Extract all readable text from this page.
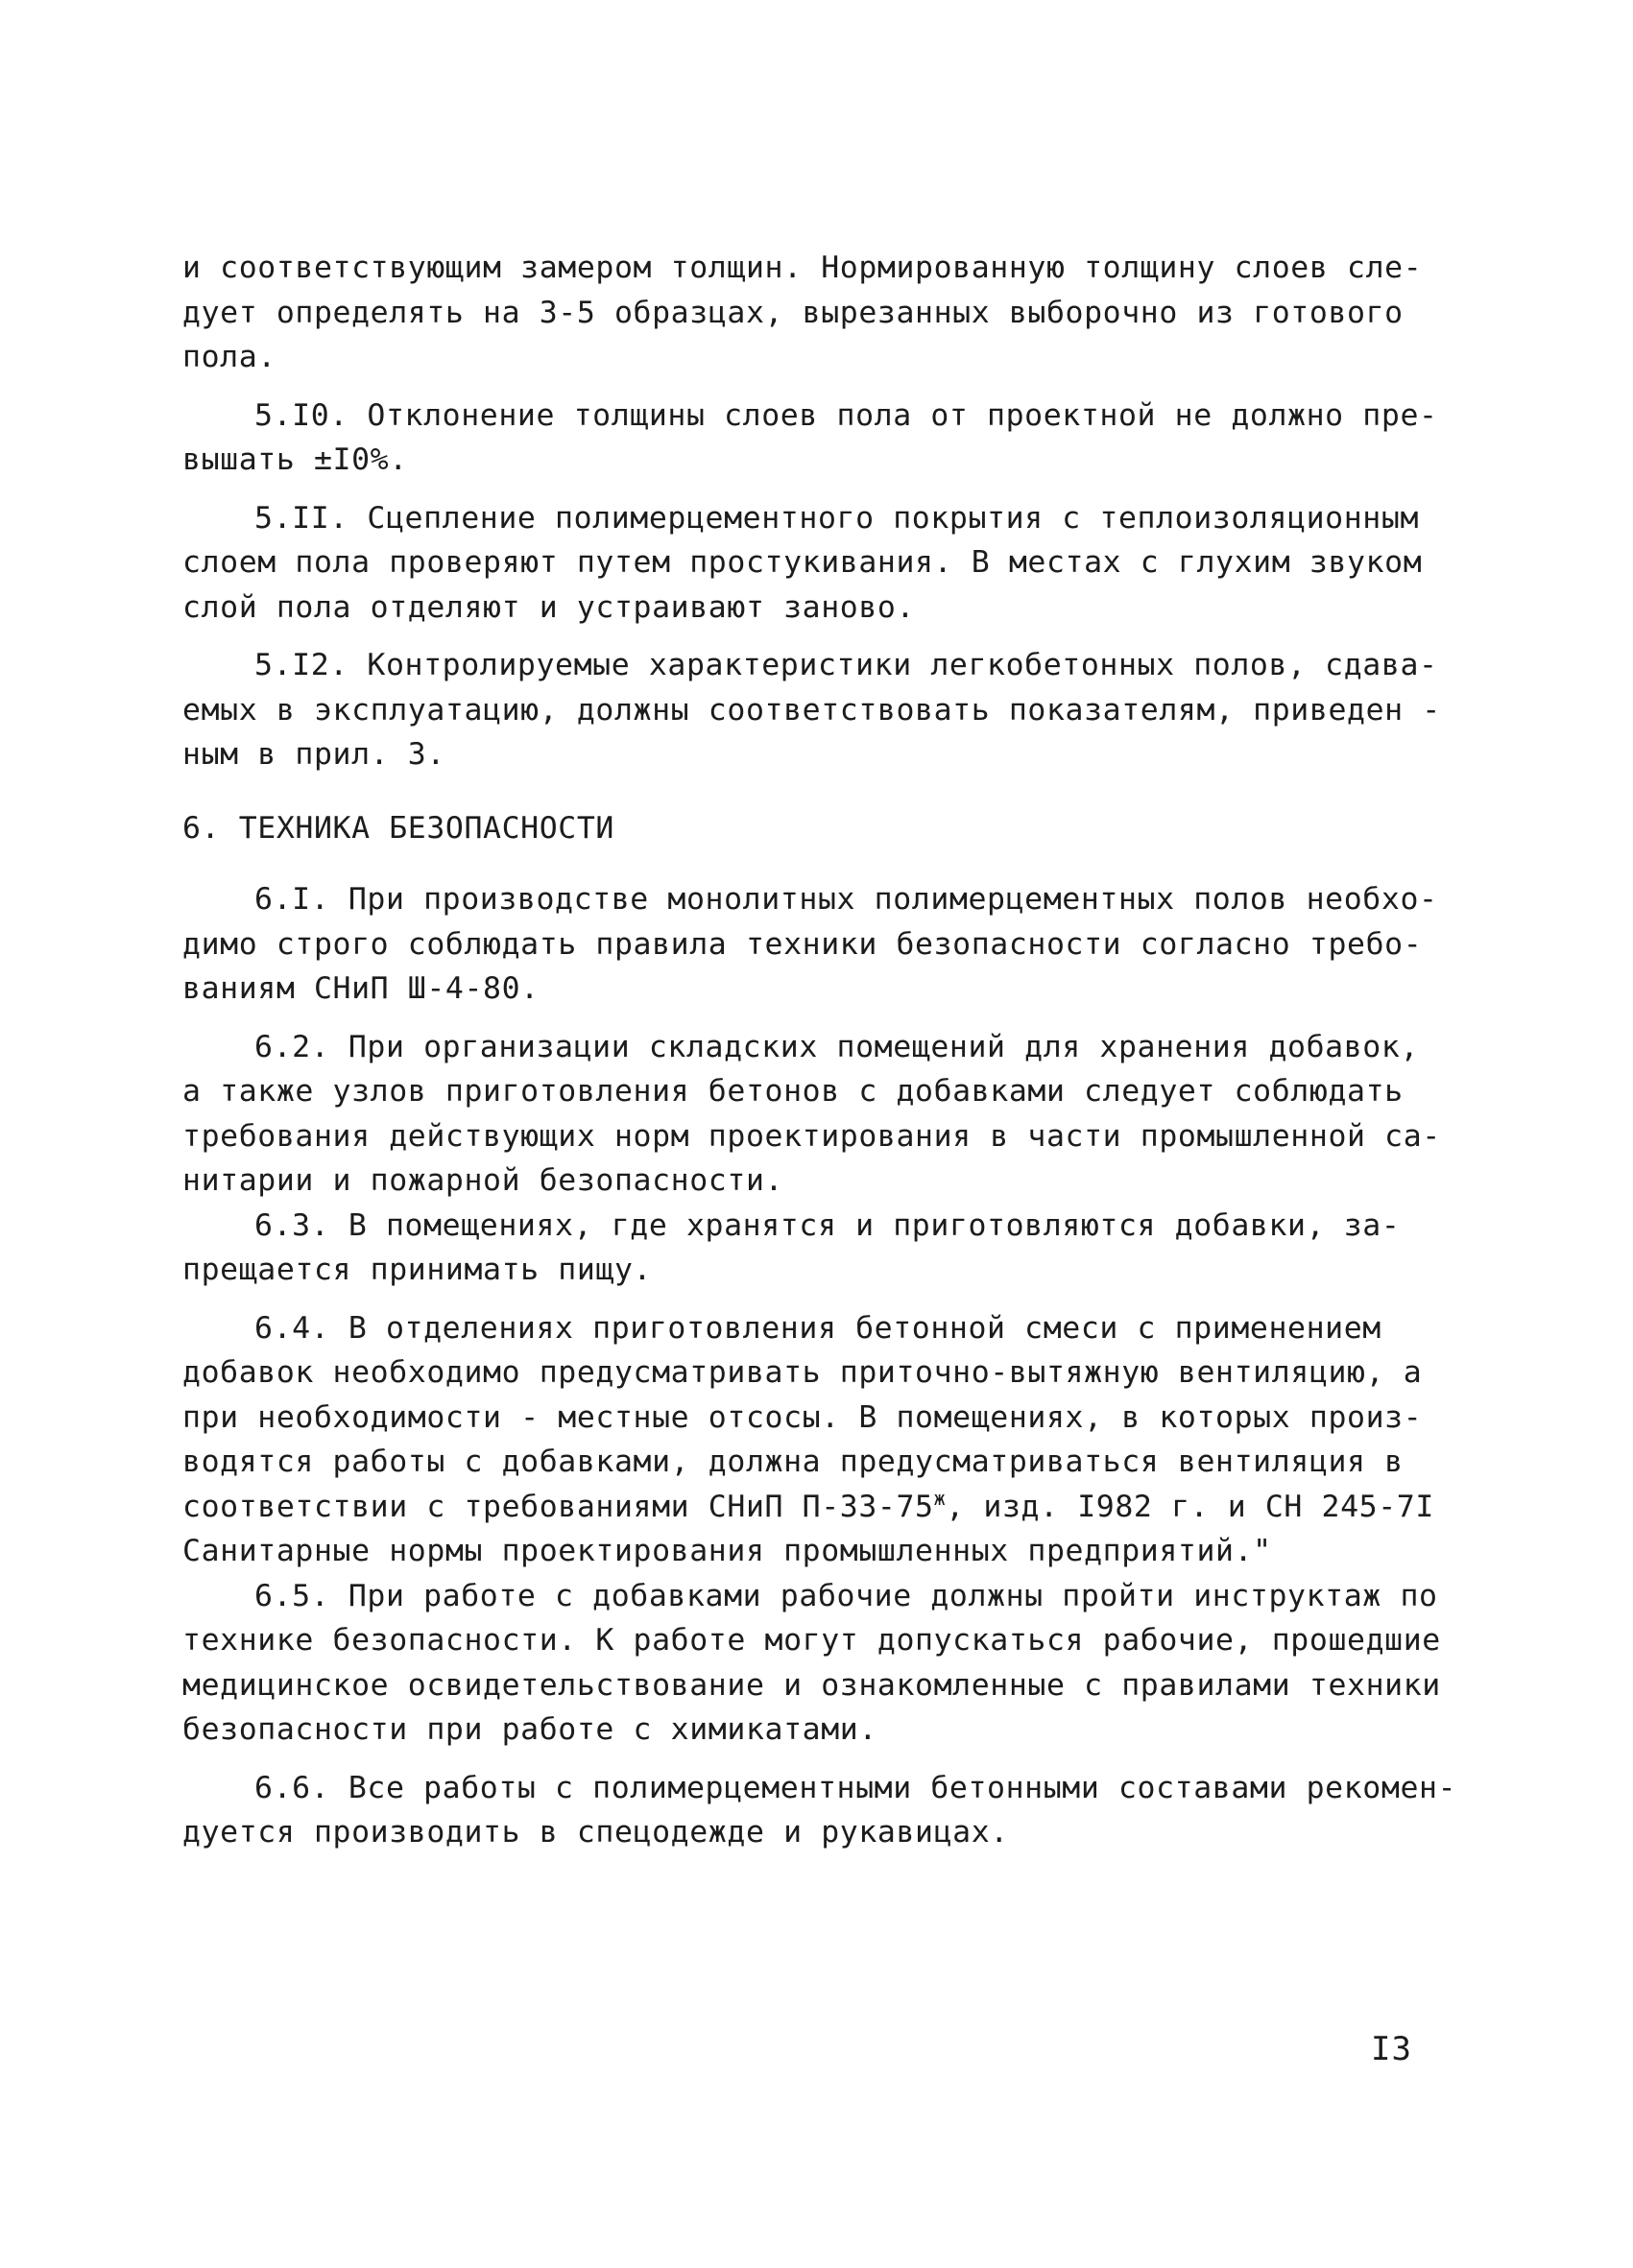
и соответствующим замером толщин. Нормированную толщину слоев сле-
дует определять на 3-5 образцах, вырезанных выборочно из готового
пола.
5.I0. Отклонение толщины слоев пола от проектной не должно пре-
вышать ±I0%.
5.II. Сцепление полимерцементного покрытия с теплоизоляционным
слоем пола проверяют путем простукивания. В местах с глухим звуком
слой пола отделяют и устраивают заново.
5.I2. Контролируемые характеристики легкобетонных полов, сдава-
емых в эксплуатацию, должны соответствовать показателям, приведен -
ным в прил. 3.
6. ТЕХНИКА БЕЗОПАСНОСТИ
6.I. При производстве монолитных полимерцементных полов необхо-
димо строго соблюдать правила техники безопасности согласно требо-
ваниям СНиП Ш-4-80.
6.2. При организации складских помещений для хранения добавок,
а также узлов приготовления бетонов с добавками следует соблюдать
требования действующих норм проектирования в части промышленной са-
нитарии и пожарной безопасности.
6.3. В помещениях, где хранятся и приготовляются добавки, за-
прещается принимать пищу.
6.4. В отделениях приготовления бетонной смеси с применением
добавок необходимо предусматривать приточно-вытяжную вентиляцию, а
при необходимости - местные отсосы. В помещениях, в которых произ-
водятся работы с добавками, должна предусматриваться вентиляция в
соответствии с требованиями СНиП $П-33-75^ж$, изд. I982 г. и СН 245-7I
Санитарные нормы проектирования промышленных предприятий."
6.5. При работе с добавками рабочие должны пройти инструктаж по
технике безопасности. К работе могут допускаться рабочие, прошедшие
медицинское освидетельствование и ознакомленные с правилами техники
безопасности при работе с химикатами.
6.6. Все работы с полимерцементными бетонными составами рекомен-
дуется производить в спецодежде и рукавицах.
I3
